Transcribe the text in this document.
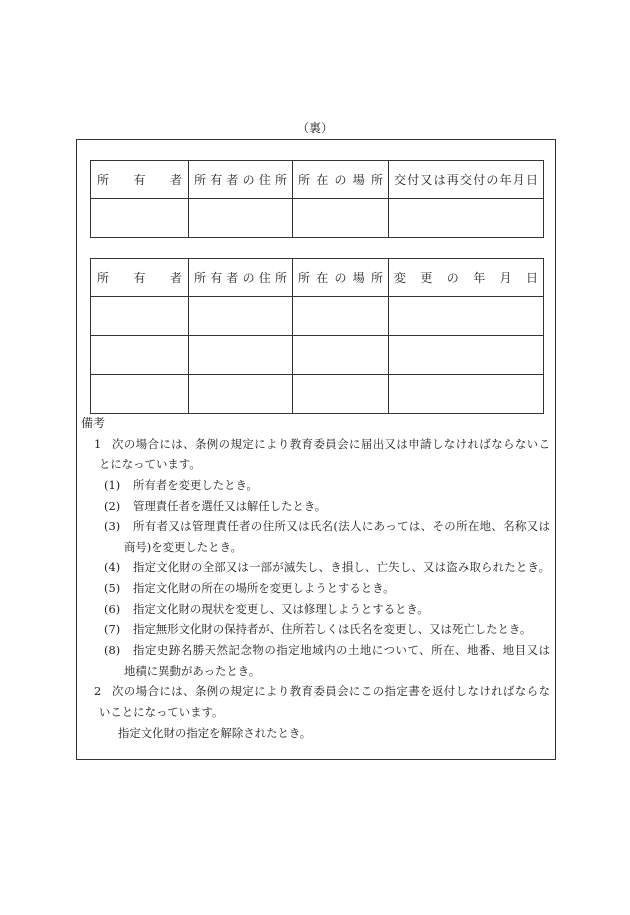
（裏）
所有者	所有者の住所	所在の場所	交付又は再交付の年月日

所有者	所有者の住所	所在の場所	変更の年月日

備考
1 次の場合には、条例の規定により教育委員会に届出又は申請しなければならないこ
とになっています。
(1) 所有者を変更したとき。
(2) 管理責任者を選任又は解任したとき。
(3) 所有者又は管理責任者の住所又は氏名(法人にあっては、その所在地、名称又は
商号)を変更したとき。
(4) 指定文化財の全部又は一部が滅失し、き損し、亡失し、又は盗み取られたとき。
(5) 指定文化財の所在の場所を変更しようとするとき。
(6) 指定文化財の現状を変更し、又は修理しようとするとき。
(7) 指定無形文化財の保持者が、住所若しくは氏名を変更し、又は死亡したとき。
(8) 指定史跡名勝天然記念物の指定地域内の土地について、所在、地番、地目又は
地積に異動があったとき。
2 次の場合には、条例の規定により教育委員会にこの指定書を返付しなければならな
いことになっています。
指定文化財の指定を解除されたとき。
